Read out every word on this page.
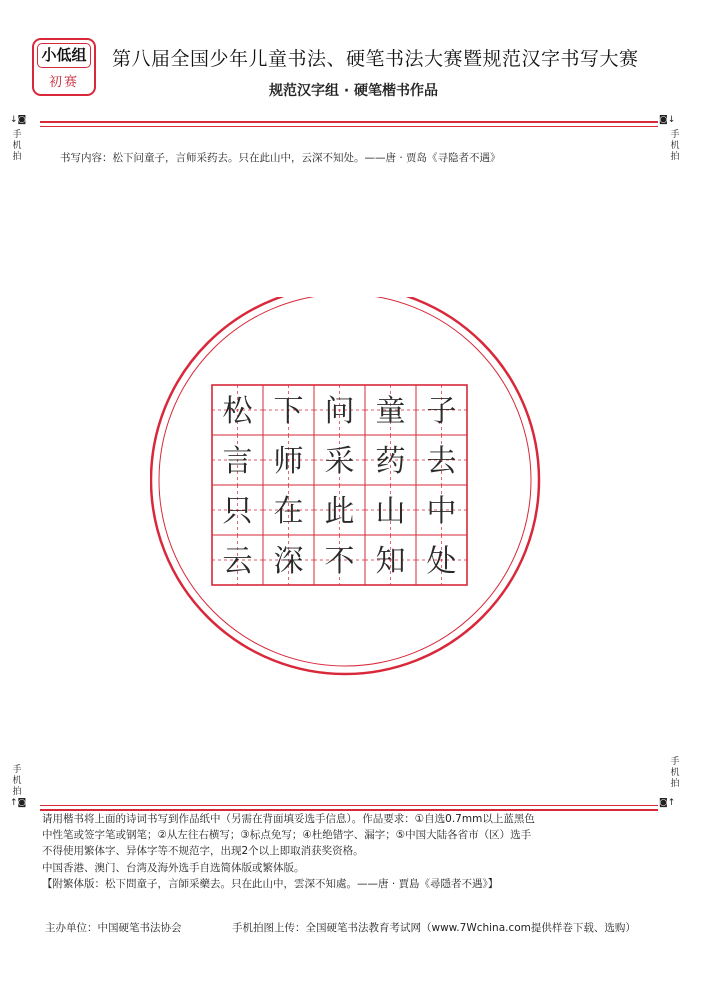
小低组
初赛
第八届全国少年儿童书法、硬笔书法大赛暨规范汉字书写大赛
规范汉字组 · 硬笔楷书作品
↓◙
手机拍
◙↓
手机拍
书写内容：松下问童子，言师采药去。只在此山中，云深不知处。——唐 · 贾岛《寻隐者不遇》
松 下 问 童 子
言 师 采 药 去
只 在 此 山 中
云 深 不 知 处
手机拍
↑◙
手机拍
◙↑
请用楷书将上面的诗词书写到作品纸中（另需在背面填妥选手信息）。作品要求：①自选0.7mm以上蓝黑色
中性笔或签字笔或钢笔；②从左往右横写；③标点免写；④杜绝错字、漏字；⑤中国大陆各省市（区）选手
不得使用繁体字、异体字等不规范字，出现2个以上即取消获奖资格。
中国香港、澳门、台湾及海外选手自选简体版或繁体版。
【附繁体版：松下問童子，言師采藥去。只在此山中，雲深不知處。——唐 · 賈島《尋隱者不遇》】
主办单位：中国硬笔书法协会	手机拍图上传：全国硬笔书法教育考试网（www.7Wchina.com提供样卷下载、选购）
